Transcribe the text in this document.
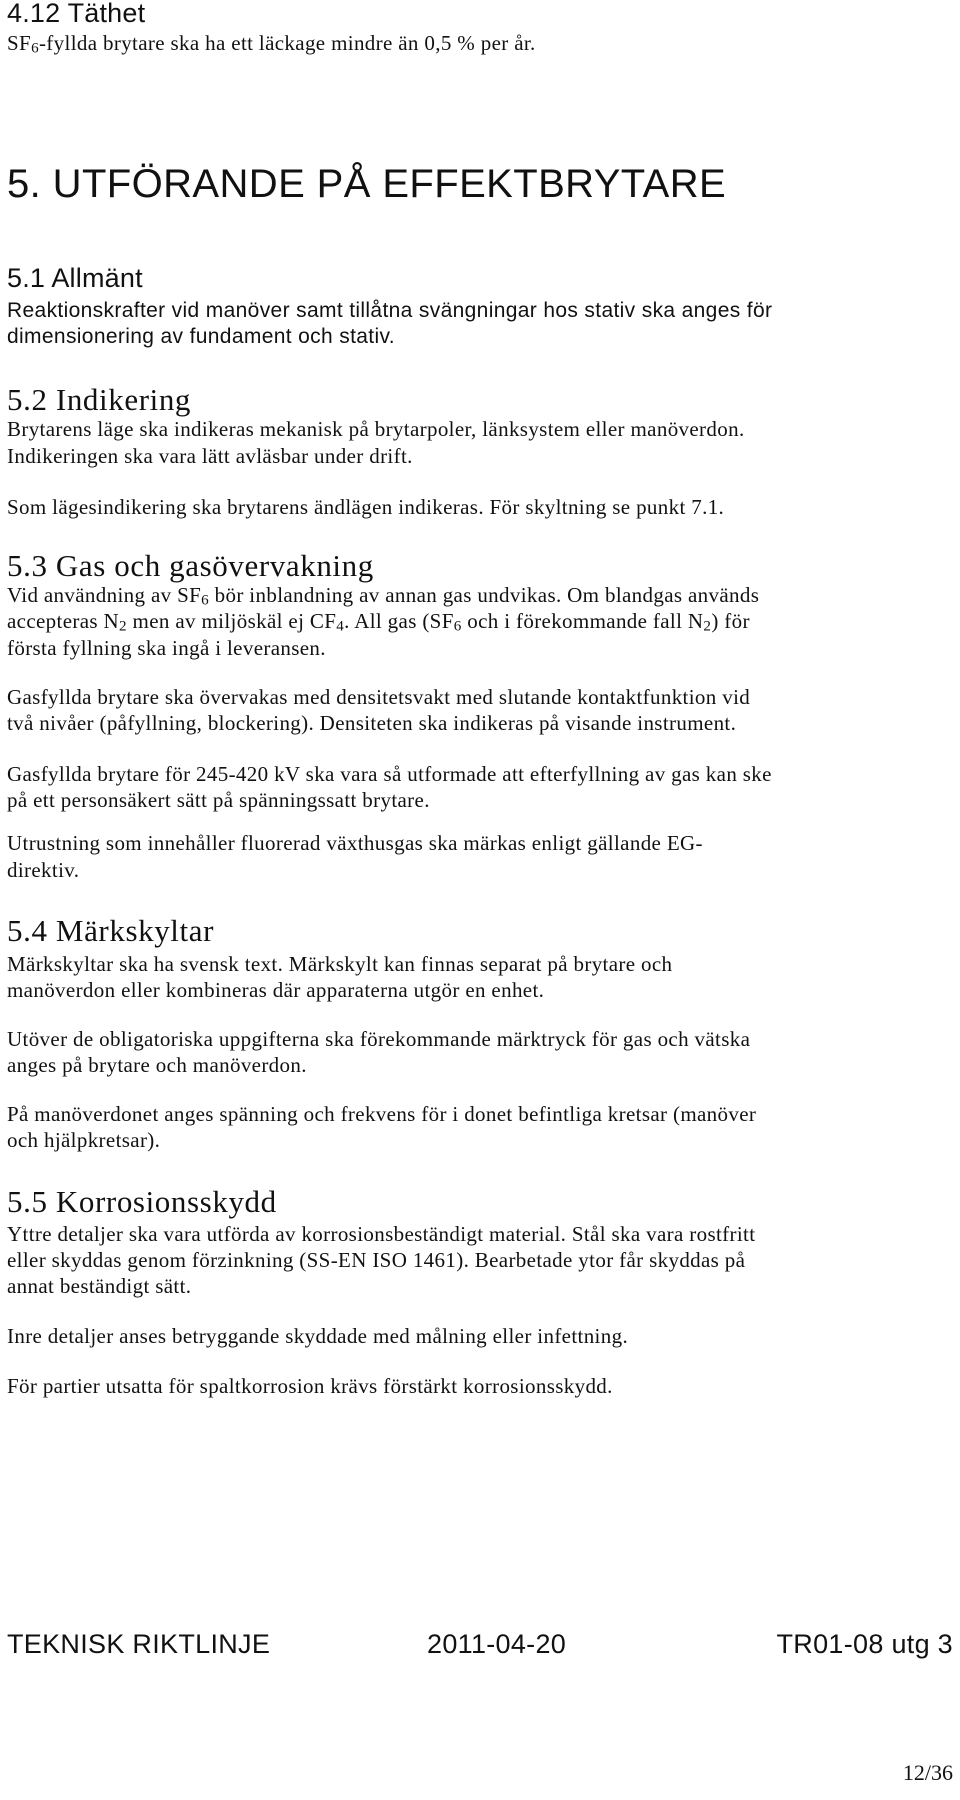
4.12 Täthet
SF6-fyllda brytare ska ha ett läckage mindre än 0,5 % per år.
5. UTFÖRANDE PÅ EFFEKTBRYTARE
5.1 Allmänt
Reaktionskrafter vid manöver samt tillåtna svängningar hos stativ ska anges för
dimensionering av fundament och stativ.
5.2 Indikering
Brytarens läge ska indikeras mekanisk på brytarpoler, länksystem eller manöverdon.
Indikeringen ska vara lätt avläsbar under drift.
Som lägesindikering ska brytarens ändlägen indikeras. För skyltning se punkt 7.1.
5.3 Gas och gasövervakning
Vid användning av SF6 bör inblandning av annan gas undvikas. Om blandgas används
accepteras N2 men av miljöskäl ej CF4. All gas (SF6 och i förekommande fall N2) för
första fyllning ska ingå i leveransen.
Gasfyllda brytare ska övervakas med densitetsvakt med slutande kontaktfunktion vid
två nivåer (påfyllning, blockering). Densiteten ska indikeras på visande instrument.
Gasfyllda brytare för 245-420 kV ska vara så utformade att efterfyllning av gas kan ske
på ett personsäkert sätt på spänningssatt brytare.
Utrustning som innehåller fluorerad växthusgas ska märkas enligt gällande EG-
direktiv.
5.4 Märkskyltar
Märkskyltar ska ha svensk text. Märkskylt kan finnas separat på brytare och
manöverdon eller kombineras där apparaterna utgör en enhet.
Utöver de obligatoriska uppgifterna ska förekommande märktryck för gas och vätska
anges på brytare och manöverdon.
På manöverdonet anges spänning och frekvens för i donet befintliga kretsar (manöver
och hjälpkretsar).
5.5 Korrosionsskydd
Yttre detaljer ska vara utförda av korrosionsbeständigt material. Stål ska vara rostfritt
eller skyddas genom förzinkning (SS-EN ISO 1461). Bearbetade ytor får skyddas på
annat beständigt sätt.
Inre detaljer anses betryggande skyddade med målning eller infettning.
För partier utsatta för spaltkorrosion krävs förstärkt korrosionsskydd.
TEKNISK RIKTLINJE	2011-04-20	TR01-08 utg 3
12/36
